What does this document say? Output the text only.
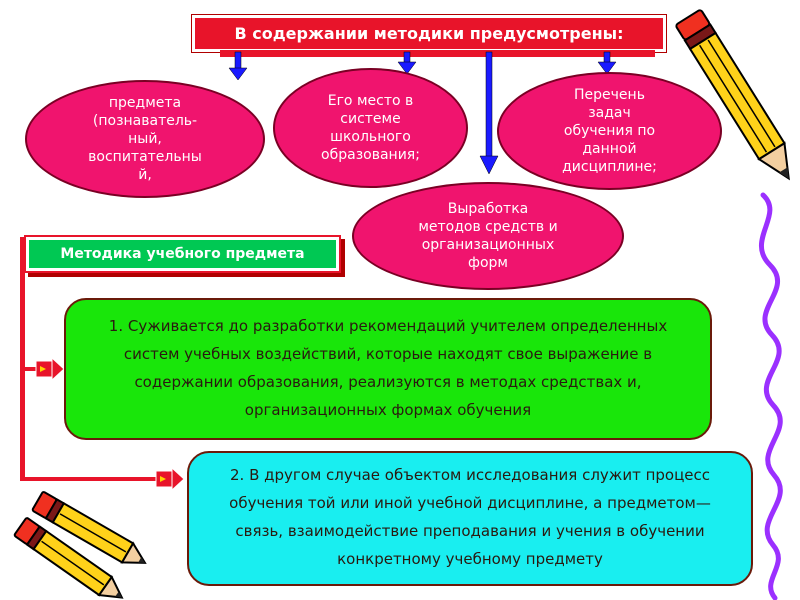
В содержании методики предусмотрены:
предмета
(познаватель-
ный,
воспитательны
й,
Его место в
системе
школьного
образования;
Перечень
задач
обучения по
данной
дисциплине;
Выработка
методов средств и
организационных
форм
Методика учебного предмета
1. Суживается до разработки рекомендаций учителем определенных систем учебных воздействий, которые находят свое выражение в содержании образования, реализуются в методах средствах и, организационных формах обучения
2. В другом случае объектом исследования служит процесс обучения той или иной учебной дисциплине, а предметом— связь, взаимодействие преподавания и учения в обучении конкретному учебному предмету
